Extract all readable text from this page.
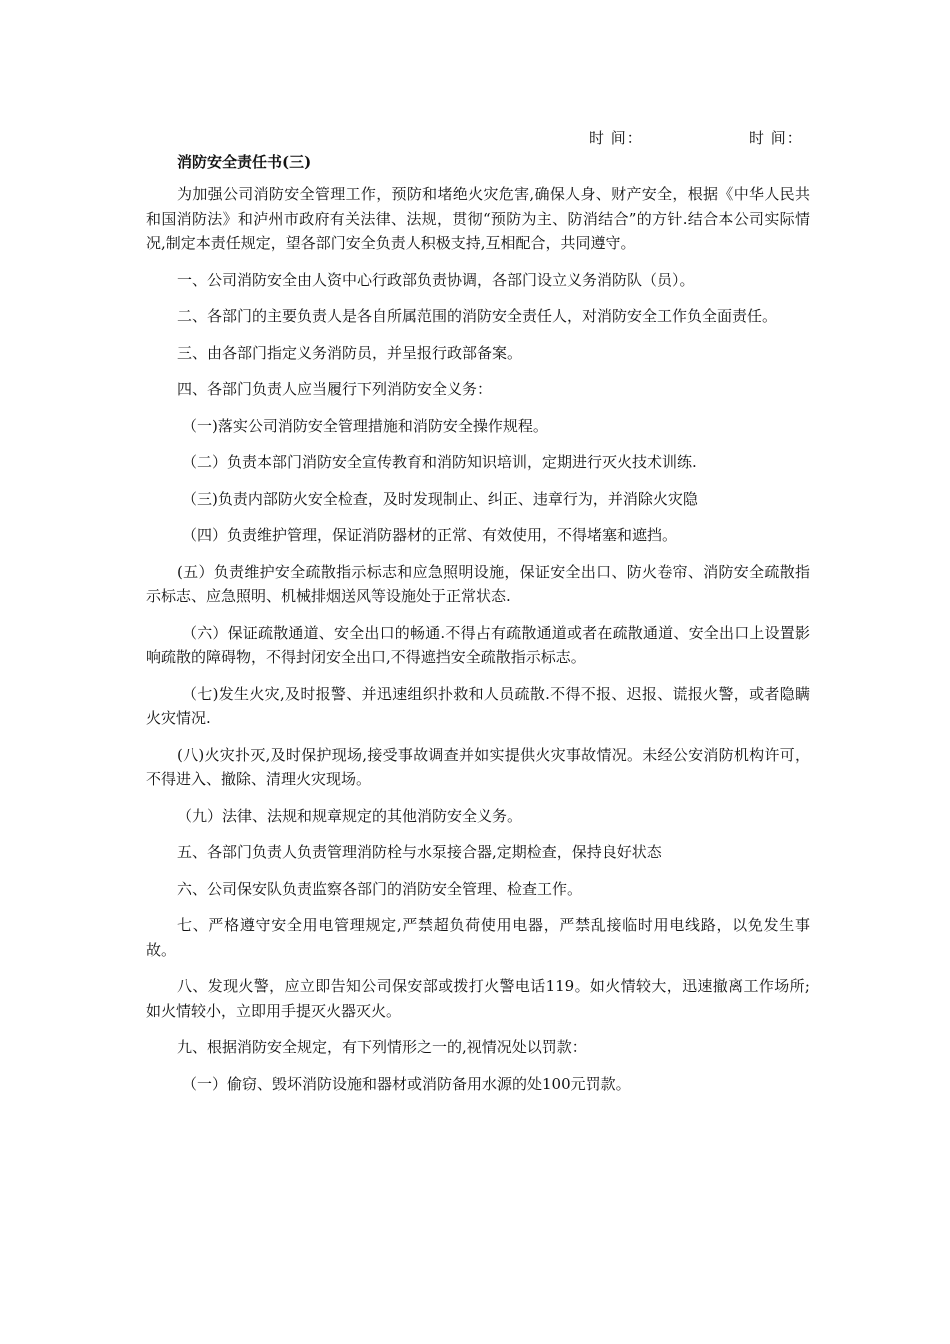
时 间：	时 间：
消防安全责任书(三)

为加强公司消防安全管理工作，预防和堵绝火灾危害,确保人身、财产安全，根据《中华人民共和国消防法》和泸州市政府有关法律、法规，贯彻“预防为主、防消结合”的方针.结合本公司实际情况,制定本责任规定，望各部门安全负责人积极支持,互相配合，共同遵守。

一、公司消防安全由人资中心行政部负责协调，各部门设立义务消防队（员）。

二、各部门的主要负责人是各自所属范围的消防安全责任人，对消防安全工作负全面责任。

三、由各部门指定义务消防员，并呈报行政部备案。

四、各部门负责人应当履行下列消防安全义务：

（一)落实公司消防安全管理措施和消防安全操作规程。

（二）负责本部门消防安全宣传教育和消防知识培训，定期进行灭火技术训练.

（三)负责内部防火安全检查，及时发现制止、纠正、违章行为，并消除火灾隐

（四）负责维护管理，保证消防器材的正常、有效使用，不得堵塞和遮挡。

(五）负责维护安全疏散指示标志和应急照明设施，保证安全出口、防火卷帘、消防安全疏散指示标志、应急照明、机械排烟送风等设施处于正常状态.

（六）保证疏散通道、安全出口的畅通.不得占有疏散通道或者在疏散通道、安全出口上设置影响疏散的障碍物，不得封闭安全出口,不得遮挡安全疏散指示标志。

（七)发生火灾,及时报警、并迅速组织扑救和人员疏散.不得不报、迟报、谎报火警，或者隐瞒火灾情况.

(八)火灾扑灭,及时保护现场,接受事故调查并如实提供火灾事故情况。未经公安消防机构许可，不得进入、撤除、清理火灾现场。

（九）法律、法规和规章规定的其他消防安全义务。

五、各部门负责人负责管理消防栓与水泵接合器,定期检查，保持良好状态

六、公司保安队负责监察各部门的消防安全管理、检查工作。

七、严格遵守安全用电管理规定,严禁超负荷使用电器，严禁乱接临时用电线路，以免发生事故。

八、发现火警，应立即告知公司保安部或拨打火警电话119。如火情较大，迅速撤离工作场所;如火情较小，立即用手提灭火器灭火。

九、根据消防安全规定，有下列情形之一的,视情况处以罚款：

（一）偷窃、毁坏消防设施和器材或消防备用水源的处100元罚款。
